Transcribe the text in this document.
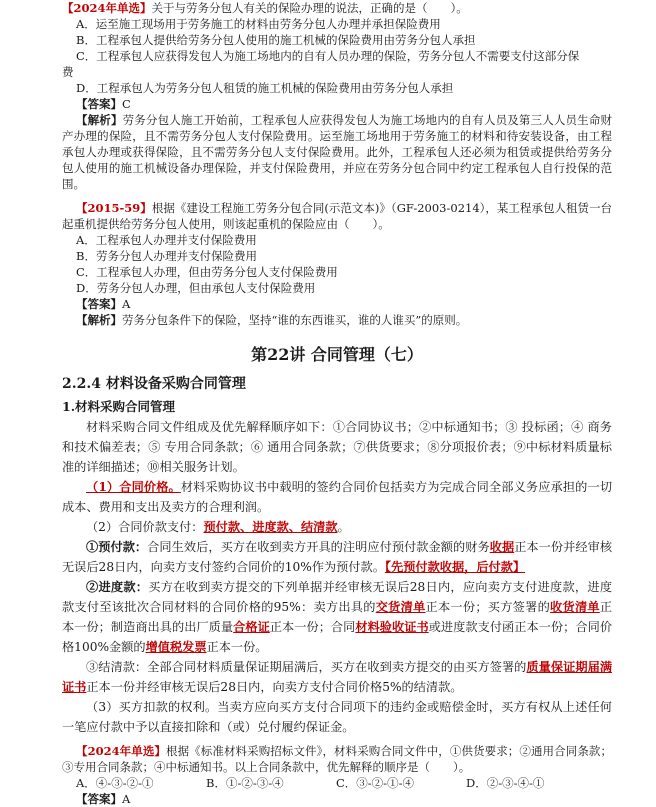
【2024年单选】关于与劳务分包人有关的保险办理的说法，正确的是（　　）。
A．运至施工现场用于劳务施工的材料由劳务分包人办理并承担保险费用
B．工程承包人提供给劳务分包人使用的施工机械的保险费用由劳务分包人承担
C．工程承包人应获得发包人为施工场地内的自有人员办理的保险，劳务分包人不需要支付这部分保
费
D．工程承包人为劳务分包人租赁的施工机械的保险费用由劳务分包人承担
【答案】C
【解析】劳务分包人施工开始前，工程承包人应获得发包人为施工场地内的自有人员及第三人人员生命财产办理的保险，且不需劳务分包人支付保险费用。运至施工场地用于劳务施工的材料和待安装设备，由工程承包人办理或获得保险，且不需劳务分包人支付保险费用。此外，工程承包人还必须为租赁或提供给劳务分包人使用的施工机械设备办理保险，并支付保险费用，并应在劳务分包合同中约定工程承包人自行投保的范围。
【2015-59】根据《建设工程施工劳务分包合同(示范文本)》（GF-2003-0214），某工程承包人租赁一台起重机提供给劳务分包人使用，则该起重机的保险应由（　　）。
A．工程承包人办理并支付保险费用
B．劳务分包人办理并支付保险费用
C．工程承包人办理，但由劳务分包人支付保险费用
D．劳务分包人办理，但由承包人支付保险费用
【答案】A
【解析】劳务分包条件下的保险，坚持“谁的东西谁买，谁的人谁买”的原则。
第22讲 合同管理（七）
2.2.4 材料设备采购合同管理
1.材料采购合同管理
材料采购合同文件组成及优先解释顺序如下：①合同协议书；②中标通知书；③ 投标函；④ 商务和技术偏差表；⑤ 专用合同条款；⑥ 通用合同条款；⑦供货要求；⑧分项报价表；⑨中标材料质量标准的详细描述；⑩相关服务计划。
（1）合同价格。材料采购协议书中载明的签约合同价包括卖方为完成合同全部义务应承担的一切成本、费用和支出及卖方的合理利润。
（2）合同价款支付：预付款、进度款、结清款。
①预付款：合同生效后，买方在收到卖方开具的注明应付预付款金额的财务收据正本一份并经审核无误后28日内，向卖方支付签约合同价的10%作为预付款。【先预付款收据，后付款】
②进度款：买方在收到卖方提交的下列单据并经审核无误后28日内，应向卖方支付进度款，进度款支付至该批次合同材料的合同价格的95%：卖方出具的交货清单正本一份；买方签署的收货清单正本一份；制造商出具的出厂质量合格证正本一份；合同材料验收证书或进度款支付函正本一份；合同价格100%金额的增值税发票正本一份。
③结清款：全部合同材料质量保证期届满后，买方在收到卖方提交的由买方签署的质量保证期届满证书正本一份并经审核无误后28日内，向卖方支付合同价格5%的结清款。
（3）买方扣款的权利。当卖方应向买方支付合同项下的违约金或赔偿金时，买方有权从上述任何一笔应付款中予以直接扣除和（或）兑付履约保证金。
【2024年单选】根据《标准材料采购招标文件》，材料采购合同文件中，①供货要求；②通用合同条款；③专用合同条款；④中标通知书。以上合同条款中，优先解释的顺序是（　　）。
A．④-③-②-①	B．①-②-③-④	C．③-②-①-④	D．②-③-④-①
【答案】A
